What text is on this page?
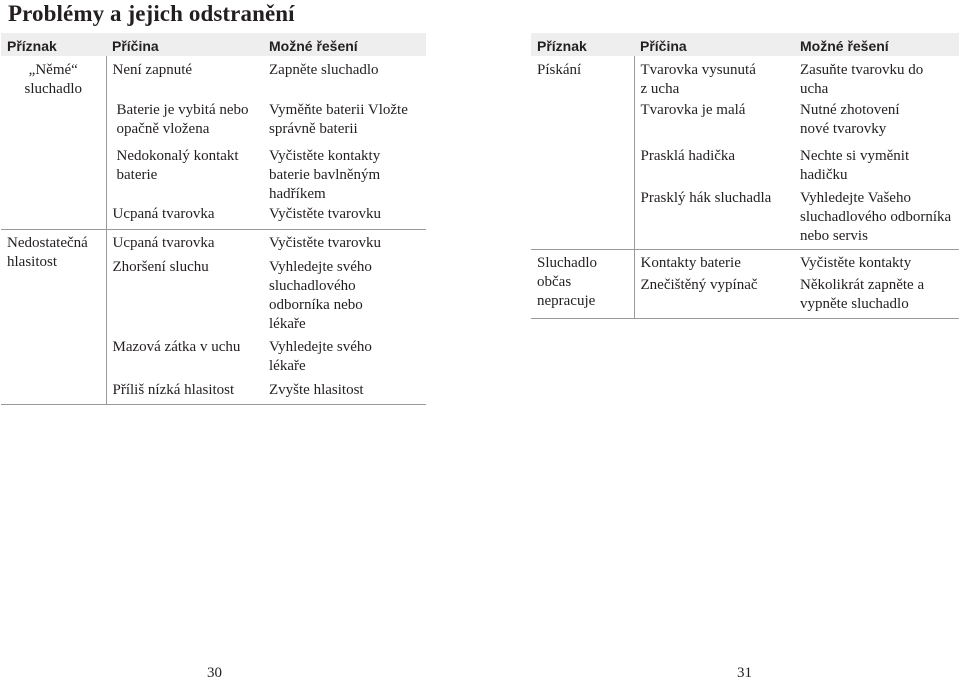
Problémy a jejich odstranění
Příznak	Příčina	Možné řešení
„Němé“ sluchadlo	Není zapnuté	Zapněte sluchadlo
	Baterie je vybitá nebo opačně vložena	Vyměňte baterii Vložte správně baterii

	Nedokonalý kontakt baterie	Vyčistěte kontakty baterie bavlněným hadříkem
	Ucpaná tvarovka	Vyčistěte tvarovku
Nedostatečná hlasitost	Ucpaná tvarovka	Vyčistěte tvarovku
	Zhoršení sluchu	Vyhledejte svého sluchadlového odborníka nebo lékaře
	Mazová zátka v uchu	Vyhledejte svého lékaře
	Příliš nízká hlasitost	Zvyšte hlasitost
Příznak	Příčina	Možné řešení
Pískání	Tvarovka vysunutá z ucha	Zasuňte tvarovku do ucha
	Tvarovka je malá	Nutné zhotovení nové tvarovky
	Prasklá hadička	Nechte si vyměnit hadičku
	Prasklý hák sluchadla	Vyhledejte Vašeho sluchadlového odborníka nebo servis
Sluchadlo občas nepracuje	Kontakty baterie	Vyčistěte kontakty
	Znečištěný vypínač	Několikrát zapněte a vypněte sluchadlo
30	31
